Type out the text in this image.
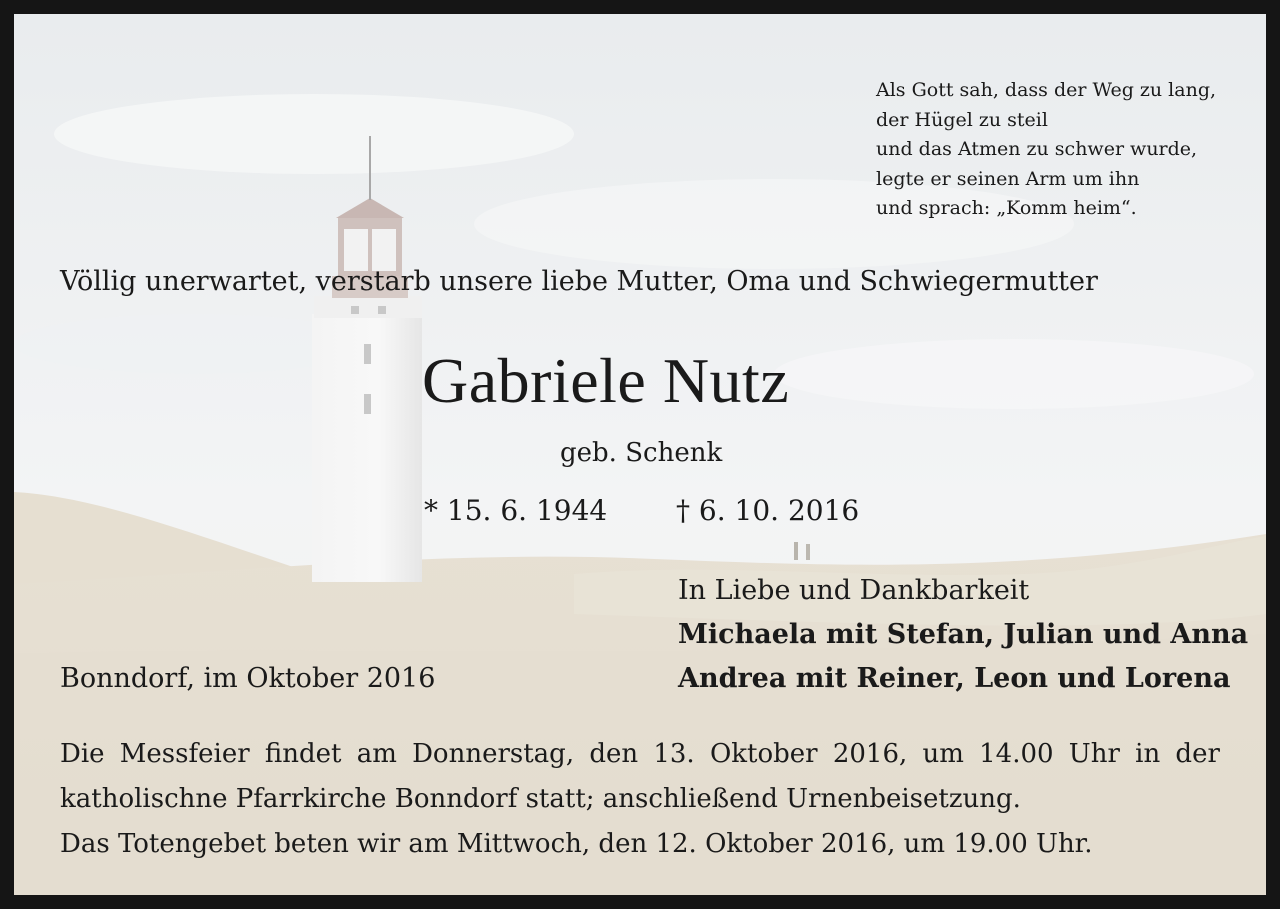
Als Gott sah, dass der Weg zu lang,
der Hügel zu steil
und das Atmen zu schwer wurde,
legte er seinen Arm um ihn
und sprach: „Komm heim“.
Völlig unerwartet, verstarb unsere liebe Mutter, Oma und Schwiegermutter
Gabriele Nutz
geb. Schenk
* 15. 6. 1944 † 6. 10. 2016
In Liebe und Dankbarkeit
Michaela mit Stefan, Julian und Anna
Andrea mit Reiner, Leon und Lorena
Bonndorf, im Oktober 2016
Die Messfeier findet am Donnerstag, den 13. Oktober 2016, um 14.00 Uhr in der
katholischne Pfarrkirche Bonndorf statt; anschließend Urnenbeisetzung.
Das Totengebet beten wir am Mittwoch, den 12. Oktober 2016, um 19.00 Uhr.
